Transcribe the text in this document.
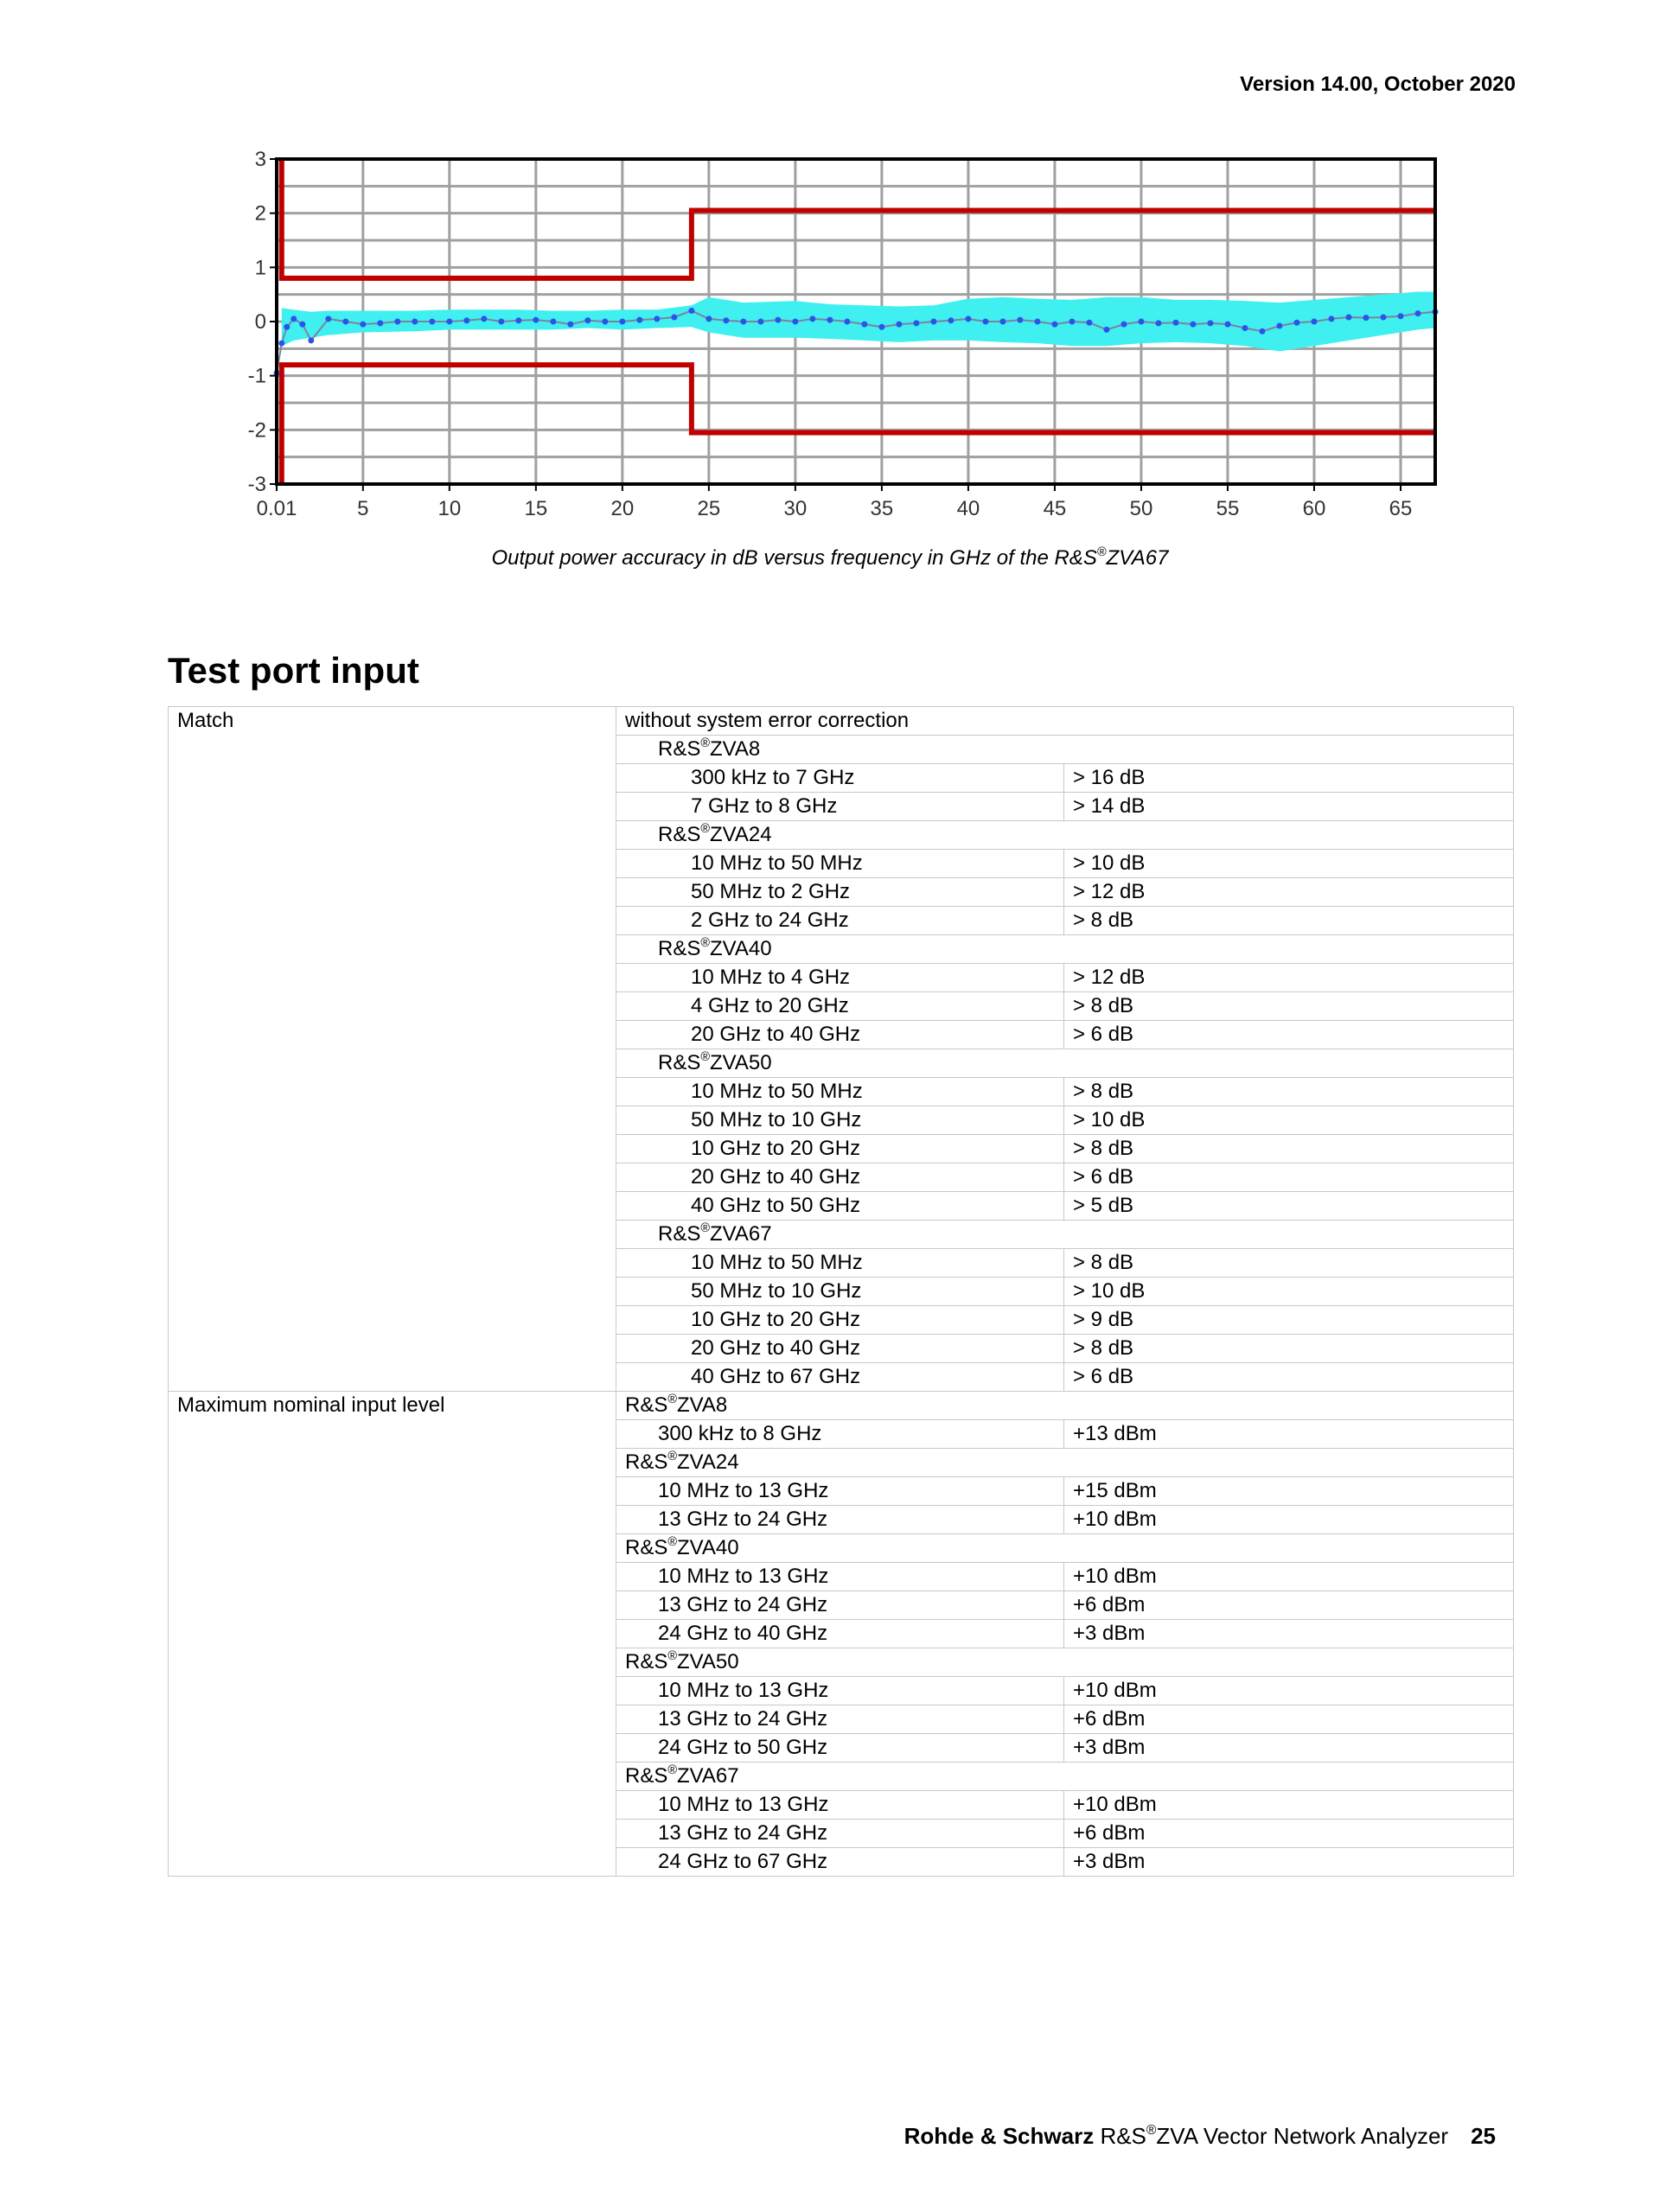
Version 14.00, October 2020
0.01	5	10	15	20	25	30	35	40	45	50	55	60	65
-3
-2
-1
0
1
2
3
Output power accuracy in dB versus frequency in GHz of the R&S®ZVA67
Test port input
Match	without system error correction	
	R&S®ZVA8	
	300 kHz to 7 GHz	> 16 dB
	7 GHz to 8 GHz	> 14 dB
	R&S®ZVA24	
	10 MHz to 50 MHz	> 10 dB
	50 MHz to 2 GHz	> 12 dB
	2 GHz to 24 GHz	> 8 dB
	R&S®ZVA40	
	10 MHz to 4 GHz	> 12 dB
	4 GHz to 20 GHz	> 8 dB
	20 GHz to 40 GHz	> 6 dB
	R&S®ZVA50	
	10 MHz to 50 MHz	> 8 dB
	50 MHz to 10 GHz	> 10 dB
	10 GHz to 20 GHz	> 8 dB
	20 GHz to 40 GHz	> 6 dB
	40 GHz to 50 GHz	> 5 dB
	R&S®ZVA67	
	10 MHz to 50 MHz	> 8 dB
	50 MHz to 10 GHz	> 10 dB
	10 GHz to 20 GHz	> 9 dB
	20 GHz to 40 GHz	> 8 dB
	40 GHz to 67 GHz	> 6 dB
Maximum nominal input level	R&S®ZVA8	
	300 kHz to 8 GHz	+13 dBm
	R&S®ZVA24	
	10 MHz to 13 GHz	+15 dBm
	13 GHz to 24 GHz	+10 dBm
	R&S®ZVA40	
	10 MHz to 13 GHz	+10 dBm
	13 GHz to 24 GHz	+6 dBm
	24 GHz to 40 GHz	+3 dBm
	R&S®ZVA50	
	10 MHz to 13 GHz	+10 dBm
	13 GHz to 24 GHz	+6 dBm
	24 GHz to 50 GHz	+3 dBm
	R&S®ZVA67	
	10 MHz to 13 GHz	+10 dBm
	13 GHz to 24 GHz	+6 dBm
	24 GHz to 67 GHz	+3 dBm
Rohde & Schwarz R&S®ZVA Vector Network Analyzer 25
